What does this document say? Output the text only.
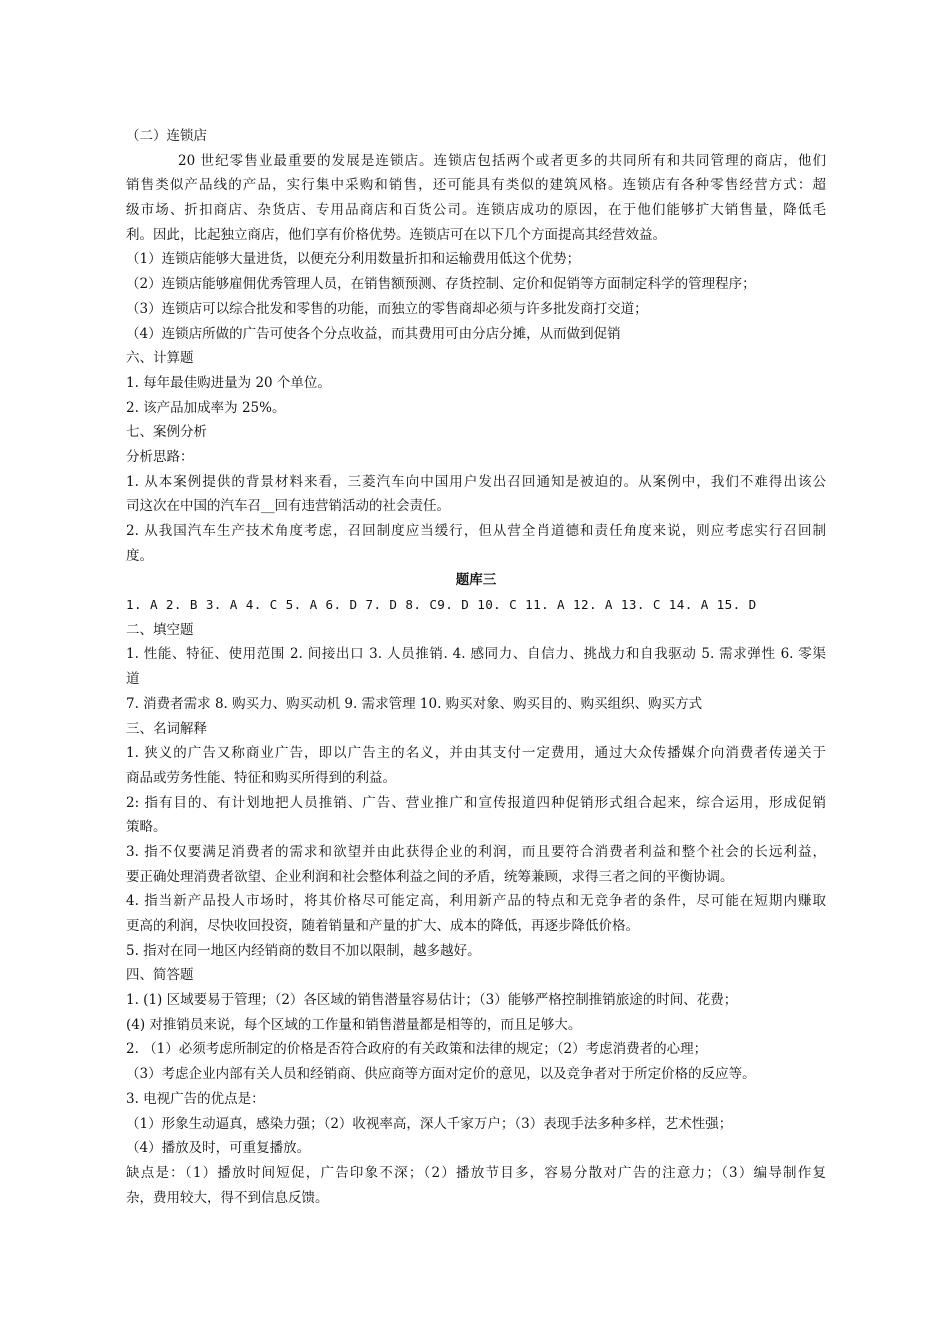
（二）连锁店
20 世纪零售业最重要的发展是连锁店。连锁店包括两个或者更多的共同所有和共同管理的商店，他们
销售类似产品线的产品，实行集中采购和销售，还可能具有类似的建筑风格。连锁店有各种零售经营方式：超
级市场、折扣商店、杂货店、专用品商店和百货公司。连锁店成功的原因，在于他们能够扩大销售量，降低毛
利。因此，比起独立商店，他们享有价格优势。连锁店可在以下几个方面提高其经营效益。
（1）连锁店能够大量进货，以便充分利用数量折扣和运输费用低这个优势；
（2）连锁店能够雇佣优秀管理人员，在销售额预测、存货控制、定价和促销等方面制定科学的管理程序；
（3）连锁店可以综合批发和零售的功能，而独立的零售商却必须与许多批发商打交道；
（4）连锁店所做的广告可使各个分点收益，而其费用可由分店分摊，从而做到促销
六、计算题
1. 每年最佳购进量为 20 个单位。
2. 该产品加成率为 25%。
七、案例分析
分析思路：
1. 从本案例提供的背景材料来看，三菱汽车向中国用户发出召回通知是被迫的。从案例中，我们不难得出该公
司这次在中国的汽车召__回有违营销活动的社会责任。
2. 从我国汽车生产技术角度考虑，召回制度应当缓行，但从营全肖道德和责任角度来说，则应考虑实行召回制
度。
题库三
1. A 2. B 3. A 4. C 5. A 6. D 7. D 8. C9. D 10. C 11. A 12. A 13. C 14. A 15. D
二、填空题
1. 性能、特征、使用范围 2. 间接出口 3. 人员推销. 4. 感同力、自信力、挑战力和自我驱动 5. 需求弹性 6. 零渠
道
7. 消费者需求 8. 购买力、购买动机 9. 需求管理 10. 购买对象、购买目的、购买组织、购买方式
三、名词解释
1. 狭义的广告又称商业广告，即以广告主的名义，并由其支付一定费用，通过大众传播媒介向消费者传递关于
商品或劳务性能、特征和购买所得到的利益。
2: 指有目的、有计划地把人员推销、广告、营业推广和宣传报道四种促销形式组合起来，综合运用，形成促销
策略。
3. 指不仅要满足消费者的需求和欲望并由此获得企业的利润，而且要符合消费者利益和整个社会的长远利益，
要正确处理消费者欲望、企业利润和社会整体利益之间的矛盾，统筹兼顾，求得三者之间的平衡协调。
4. 指当新产品投人市场时，将其价格尽可能定高，利用新产品的特点和无竞争者的条件，尽可能在短期内赚取
更高的利润，尽快收回投资，随着销量和产量的扩大、成本的降低，再逐步降低价格。
5. 指对在同一地区内经销商的数目不加以限制，越多越好。
四、简答题
1. (1) 区域要易于管理；（2）各区域的销售潜量容易估计；（3）能够严格控制推销旅途的时间、花费；
(4) 对推销员来说，每个区域的工作量和销售潜量都是相等的，而且足够大。
2. （1）必须考虑所制定的价格是否符合政府的有关政策和法律的规定；（2）考虑消费者的心理；
（3）考虑企业内部有关人员和经销商、供应商等方面对定价的意见，以及竞争者对于所定价格的反应等。
3. 电视广告的优点是：
（1）形象生动逼真，感染力强；（2）收视率高，深人千家万户；（3）表现手法多种多样，艺术性强；
（4）播放及时，可重复播放。
缺点是：（1）播放时间短促，广告印象不深；（2）播放节目多，容易分散对广告的注意力；（3）编导制作复
杂，费用较大，得不到信息反馈。
